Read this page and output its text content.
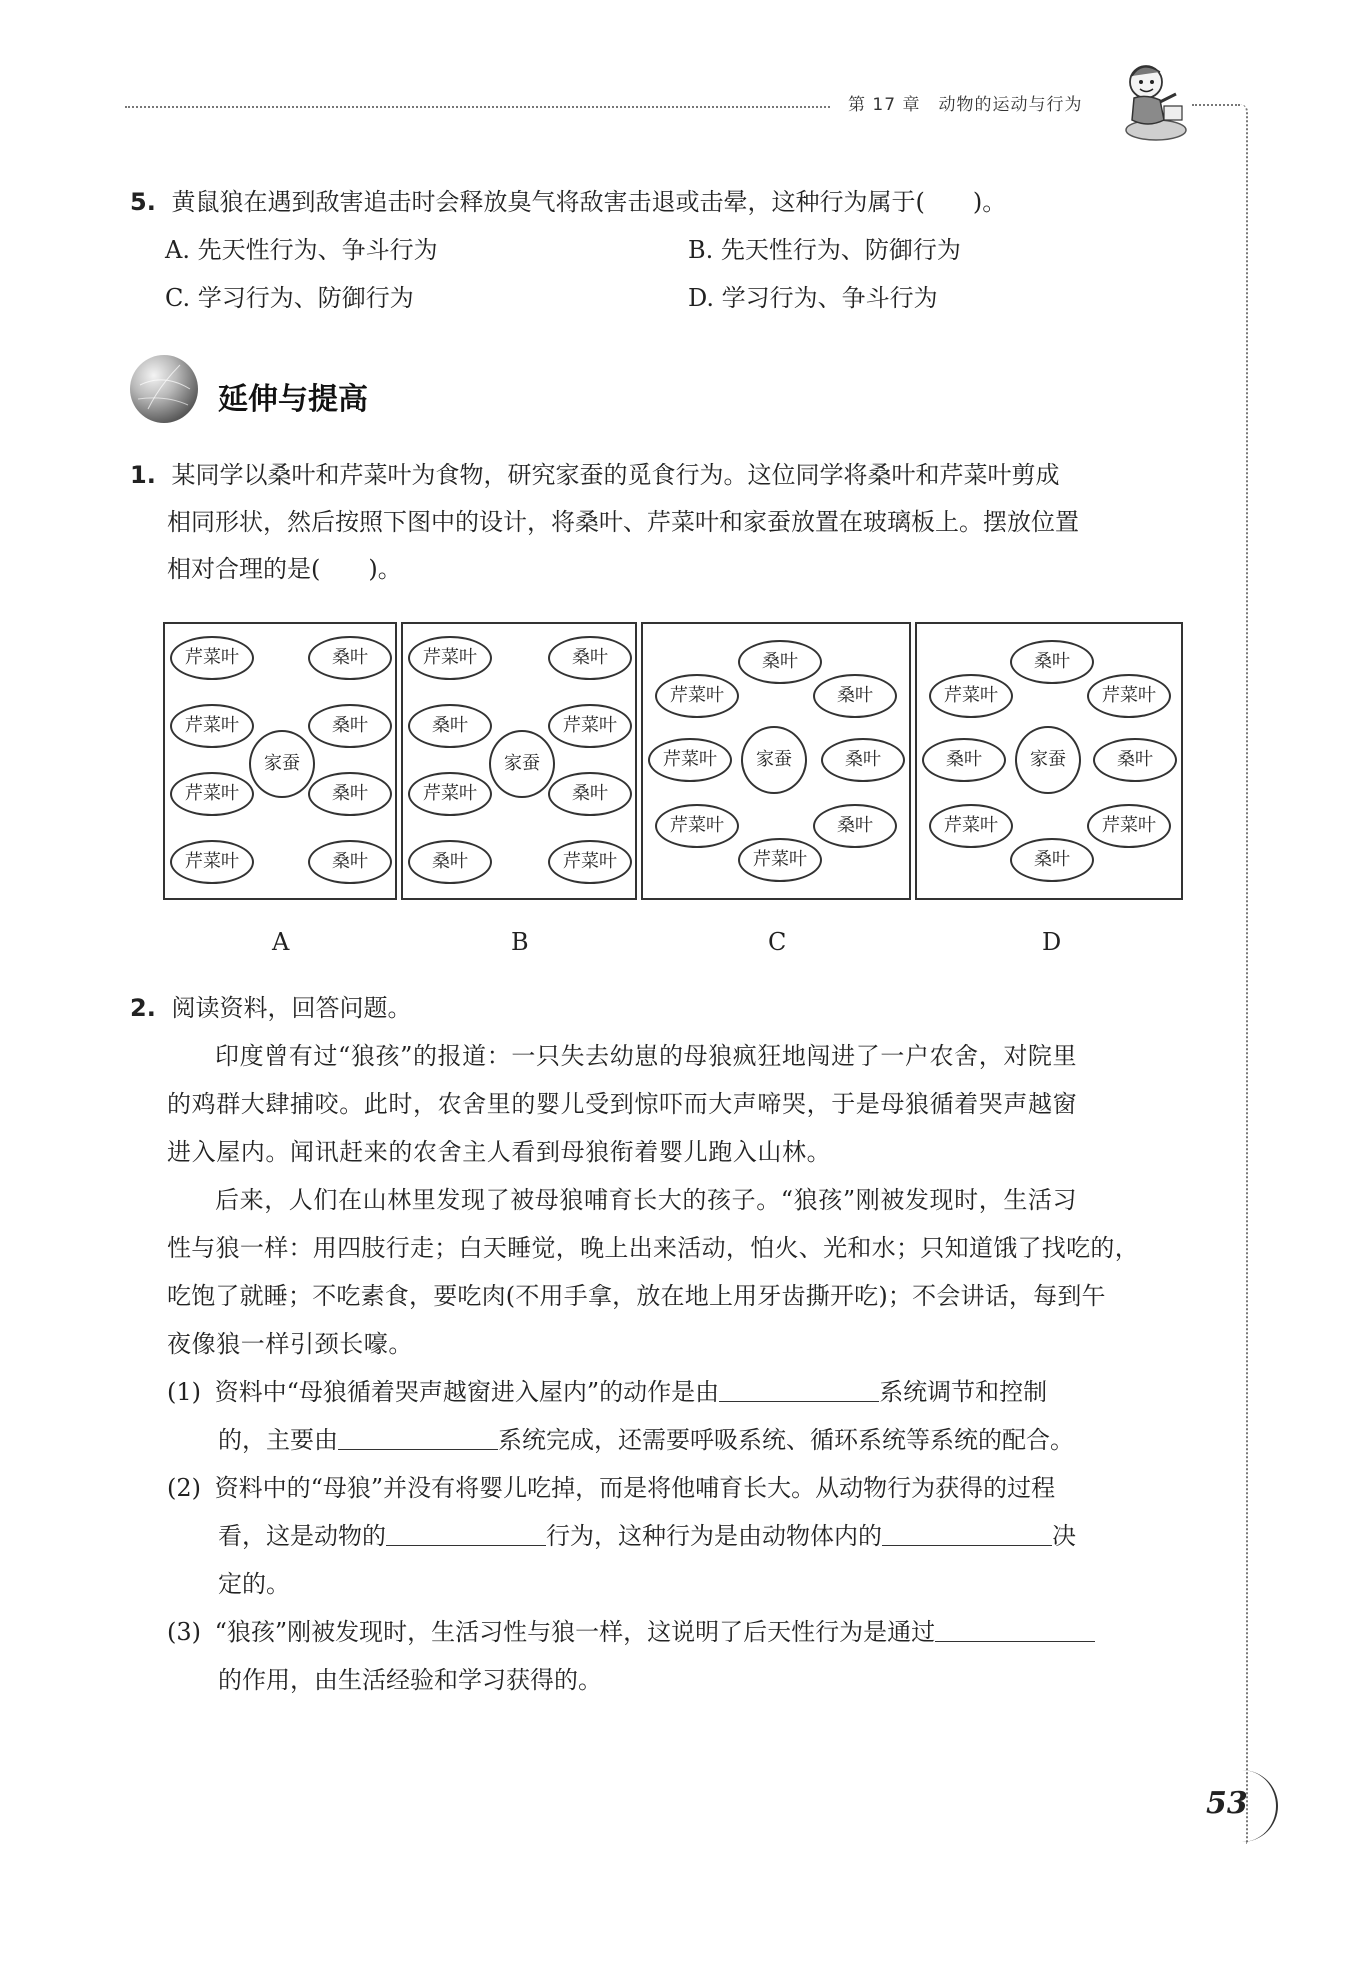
第 17 章 动物的运动与行为
5. 黄鼠狼在遇到敌害追击时会释放臭气将敌害击退或击晕，这种行为属于(　　)。
A. 先天性行为、争斗行为	B. 先天性行为、防御行为
C. 学习行为、防御行为	D. 学习行为、争斗行为
延伸与提高
1. 某同学以桑叶和芹菜叶为食物，研究家蚕的觅食行为。这位同学将桑叶和芹菜叶剪成
相同形状，然后按照下图中的设计，将桑叶、芹菜叶和家蚕放置在玻璃板上。摆放位置
相对合理的是(　　)。
芹菜叶	桑叶
芹菜叶	桑叶
家蚕
芹菜叶	桑叶
芹菜叶	桑叶
A
芹菜叶	桑叶
桑叶	芹菜叶
家蚕
芹菜叶	桑叶
桑叶	芹菜叶
B
桑叶
芹菜叶	桑叶
芹菜叶	家蚕	桑叶
芹菜叶	桑叶
芹菜叶
C
桑叶
芹菜叶	芹菜叶
桑叶	家蚕	桑叶
芹菜叶	芹菜叶
桑叶
D
2. 阅读资料，回答问题。
印度曾有过“狼孩”的报道：一只失去幼崽的母狼疯狂地闯进了一户农舍，对院里
的鸡群大肆捕咬。此时，农舍里的婴儿受到惊吓而大声啼哭，于是母狼循着哭声越窗
进入屋内。闻讯赶来的农舍主人看到母狼衔着婴儿跑入山林。
后来，人们在山林里发现了被母狼哺育长大的孩子。“狼孩”刚被发现时，生活习
性与狼一样：用四肢行走；白天睡觉，晚上出来活动，怕火、光和水；只知道饿了找吃的，
吃饱了就睡；不吃素食，要吃肉(不用手拿，放在地上用牙齿撕开吃)；不会讲话，每到午
夜像狼一样引颈长嚎。
(1) 资料中“母狼循着哭声越窗进入屋内”的动作是由	系统调节和控制
的，主要由	系统完成，还需要呼吸系统、循环系统等系统的配合。
(2) 资料中的“母狼”并没有将婴儿吃掉，而是将他哺育长大。从动物行为获得的过程
看，这是动物的	行为，这种行为是由动物体内的	决
定的。
(3) “狼孩”刚被发现时，生活习性与狼一样，这说明了后天性行为是通过
的作用，由生活经验和学习获得的。
53
